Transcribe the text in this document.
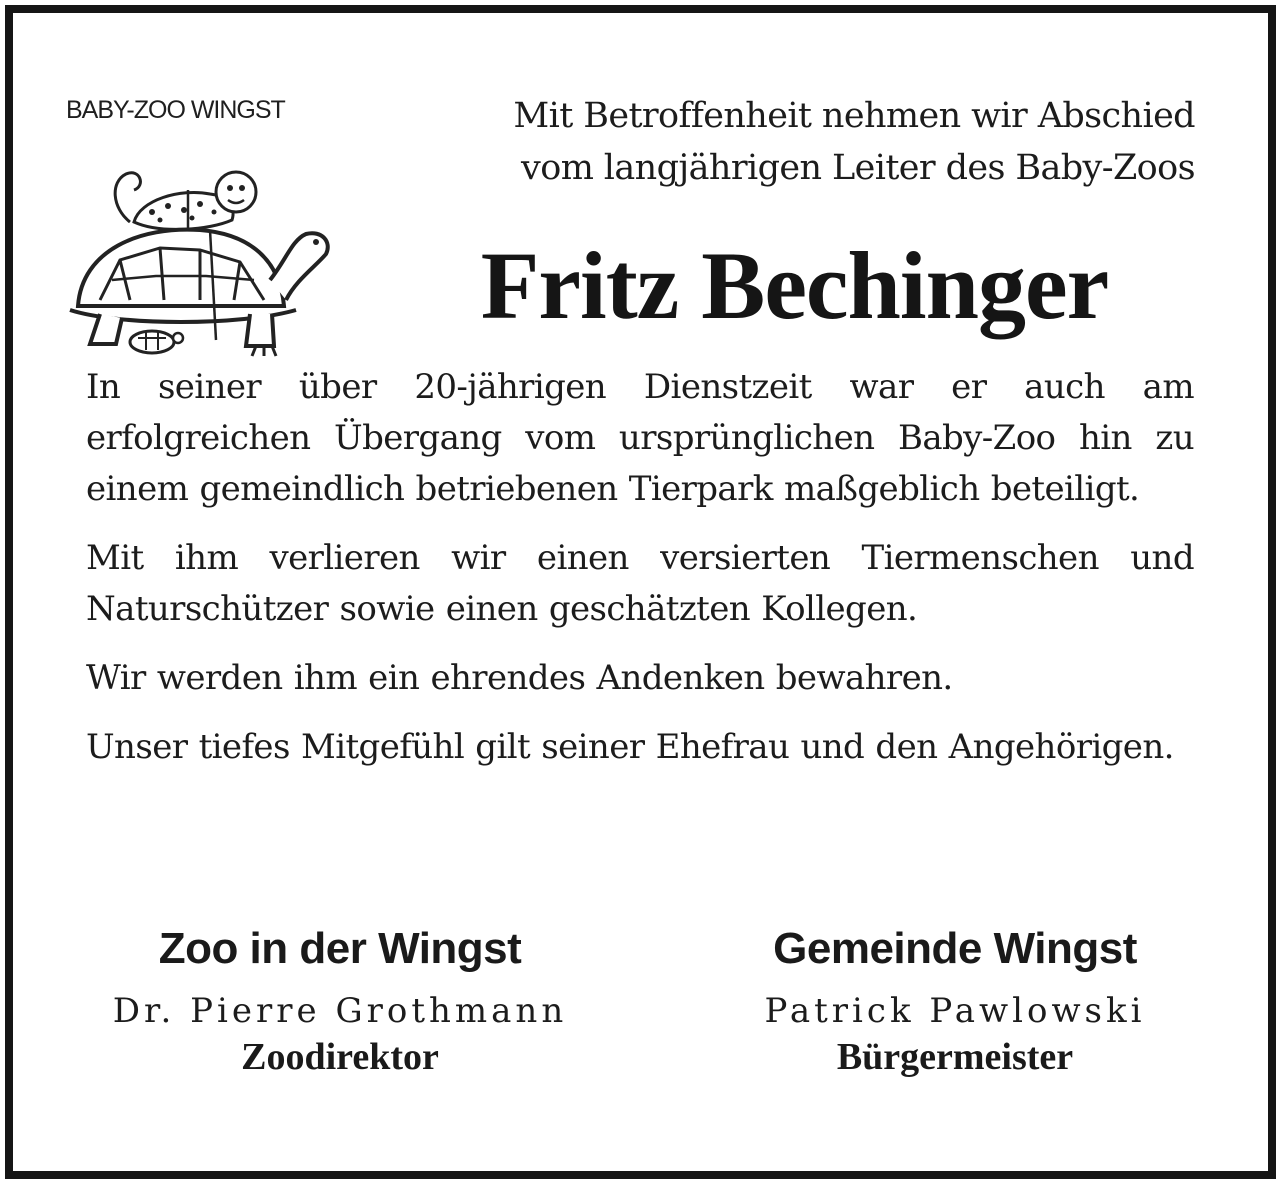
BABY-ZOO WINGST	Mit Betroffenheit nehmen wir Abschied
vom langjährigen Leiter des Baby-Zoos
Fritz Bechinger

In seiner über 20-jährigen Dienstzeit war er auch am erfolgreichen Übergang vom ursprünglichen Baby-Zoo hin zu einem gemeindlich betriebenen Tierpark maßgeblich beteiligt.

Mit ihm verlieren wir einen versierten Tiermenschen und Naturschützer sowie einen geschätzten Kollegen.

Wir werden ihm ein ehrendes Andenken bewahren.

Unser tiefes Mitgefühl gilt seiner Ehefrau und den Angehörigen.

Zoo in der Wingst
Dr. Pierre Grothmann
Zoodirektor
Gemeinde Wingst
Patrick Pawlowski
Bürgermeister
